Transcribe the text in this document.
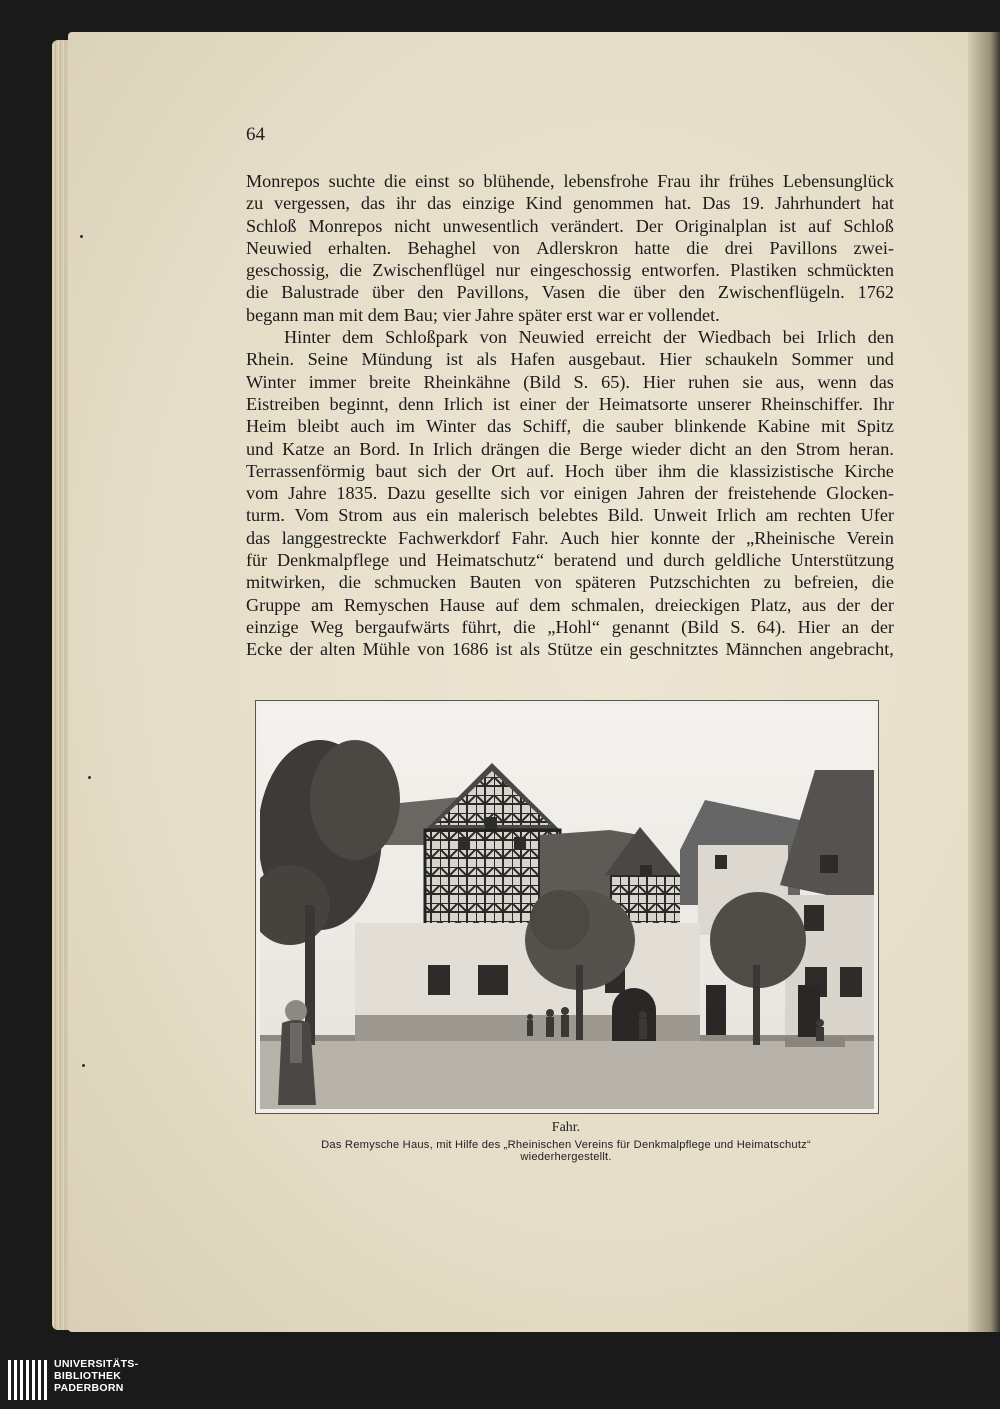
64
Monrepos suchte die einst so blühende, lebensfrohe Frau ihr frühes Lebensunglück
zu vergessen, das ihr das einzige Kind genommen hat. Das 19. Jahrhundert hat
Schloß Monrepos nicht unwesentlich verändert. Der Originalplan ist auf Schloß
Neuwied erhalten. Behaghel von Adlerskron hatte die drei Pavillons zwei-
geschossig, die Zwischenflügel nur eingeschossig entworfen. Plastiken schmückten
die Balustrade über den Pavillons, Vasen die über den Zwischenflügeln. 1762
begann man mit dem Bau; vier Jahre später erst war er vollendet.
Hinter dem Schloßpark von Neuwied erreicht der Wiedbach bei Irlich den
Rhein. Seine Mündung ist als Hafen ausgebaut. Hier schaukeln Sommer und
Winter immer breite Rheinkähne (Bild S. 65). Hier ruhen sie aus, wenn das
Eistreiben beginnt, denn Irlich ist einer der Heimatsorte unserer Rheinschiffer. Ihr
Heim bleibt auch im Winter das Schiff, die sauber blinkende Kabine mit Spitz
und Katze an Bord. In Irlich drängen die Berge wieder dicht an den Strom heran.
Terrassenförmig baut sich der Ort auf. Hoch über ihm die klassizistische Kirche
vom Jahre 1835. Dazu gesellte sich vor einigen Jahren der freistehende Glocken-
turm. Vom Strom aus ein malerisch belebtes Bild. Unweit Irlich am rechten Ufer
das langgestreckte Fachwerkdorf Fahr. Auch hier konnte der „Rheinische Verein
für Denkmalpflege und Heimatschutz“ beratend und durch geldliche Unterstützung
mitwirken, die schmucken Bauten von späteren Putzschichten zu befreien, die
Gruppe am Remyschen Hause auf dem schmalen, dreieckigen Platz, aus der der
einzige Weg bergaufwärts führt, die „Hohl“ genannt (Bild S. 64). Hier an der
Ecke der alten Mühle von 1686 ist als Stütze ein geschnitztes Männchen angebracht,
Fahr.
Das Remysche Haus, mit Hilfe des „Rheinischen Vereins für Denkmalpflege und Heimatschutz“
wiederhergestellt.
UNIVERSITÄTS-
BIBLIOTHEK
PADERBORN
